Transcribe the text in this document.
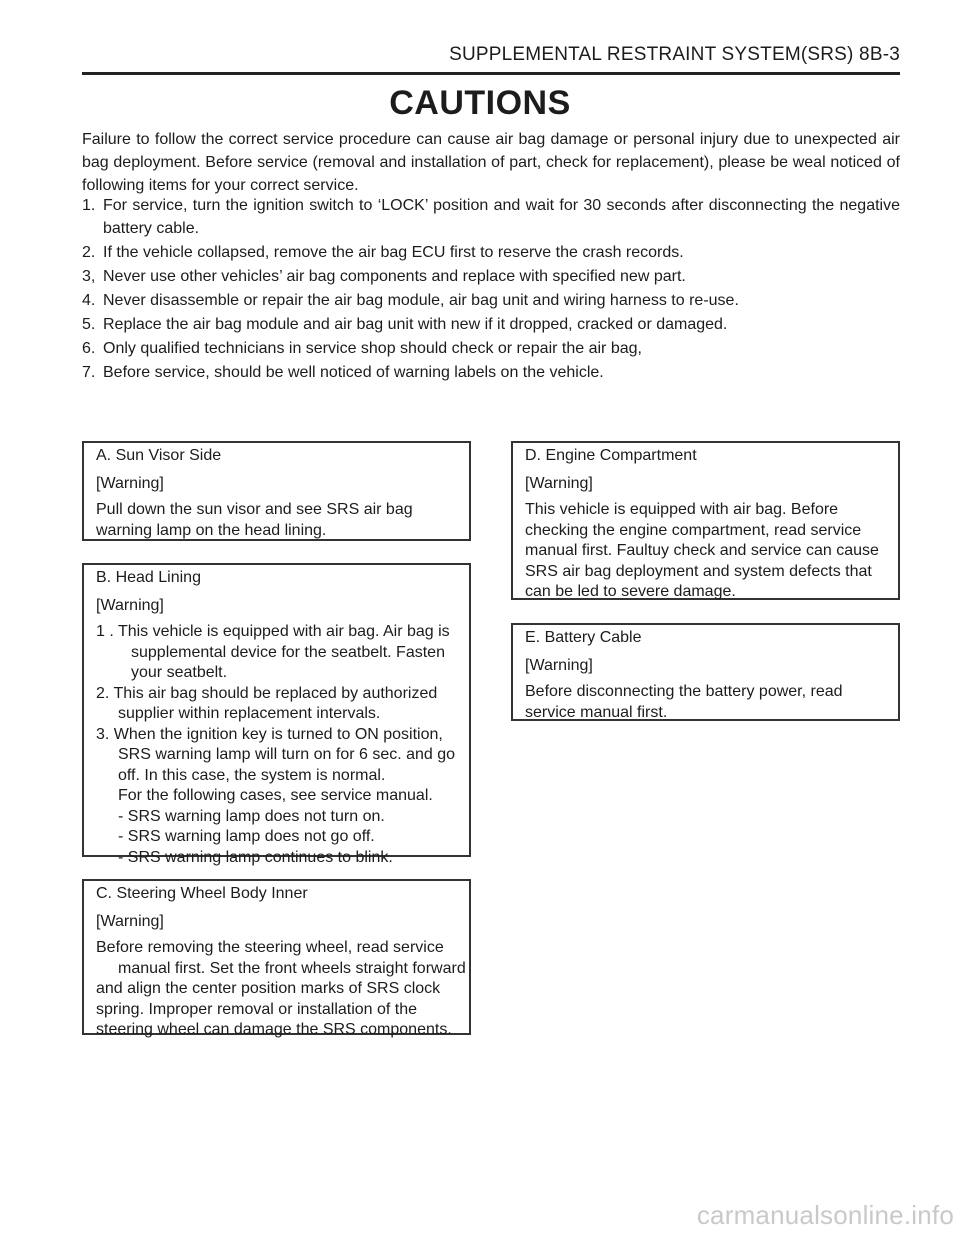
SUPPLEMENTAL RESTRAINT SYSTEM(SRS) 8B-3
CAUTIONS
Failure to follow the correct service procedure can cause air bag damage or personal injury due to unexpected air bag deployment. Before service (removal and installation of part, check for replacement), please be weal noticed of following items for your correct service.
1. For service, turn the ignition switch to ‘LOCK’ position and wait for 30 seconds after disconnecting the negative battery cable.
2. If the vehicle collapsed, remove the air bag ECU first to reserve the crash records.
3, Never use other vehicles’ air bag components and replace with specified new part.
4. Never disassemble or repair the air bag module, air bag unit and wiring harness to re-use.
5. Replace the air bag module and air bag unit with new if it dropped, cracked or damaged.
6. Only qualified technicians in service shop should check or repair the air bag,
7. Before service, should be well noticed of warning labels on the vehicle.
A. Sun Visor Side
[Warning]
Pull down the sun visor and see SRS air bag warning lamp on the head lining.
B. Head Lining
[Warning]

1 . This vehicle is equipped with air bag. Air bag is

supplemental device for the seatbelt. Fasten your seatbelt.

2. This air bag should be replaced by authorized supplier within replacement intervals.

3. When the ignition key is turned to ON position, SRS warning lamp will turn on for 6 sec. and go off. In this case, the system is normal.

For the following cases, see service manual.

- SRS warning lamp does not turn on.

- SRS warning lamp does not go off.

- SRS warning lamp continues to blink.

C. Steering Wheel Body Inner
[Warning]

Before removing the steering wheel, read service

manual first. Set the front wheels straight forward

and align the center position marks of SRS clock spring. Improper removal or installation of the steering wheel can damage the SRS components.

D. Engine Compartment
[Warning]
This vehicle is equipped with air bag. Before checking the engine compartment, read service manual first. Faultuy check and service can cause SRS air bag deployment and system defects that can be led to severe damage.
E. Battery Cable
[Warning]
Before disconnecting the battery power, read service manual first.
carmanualsonline.info
